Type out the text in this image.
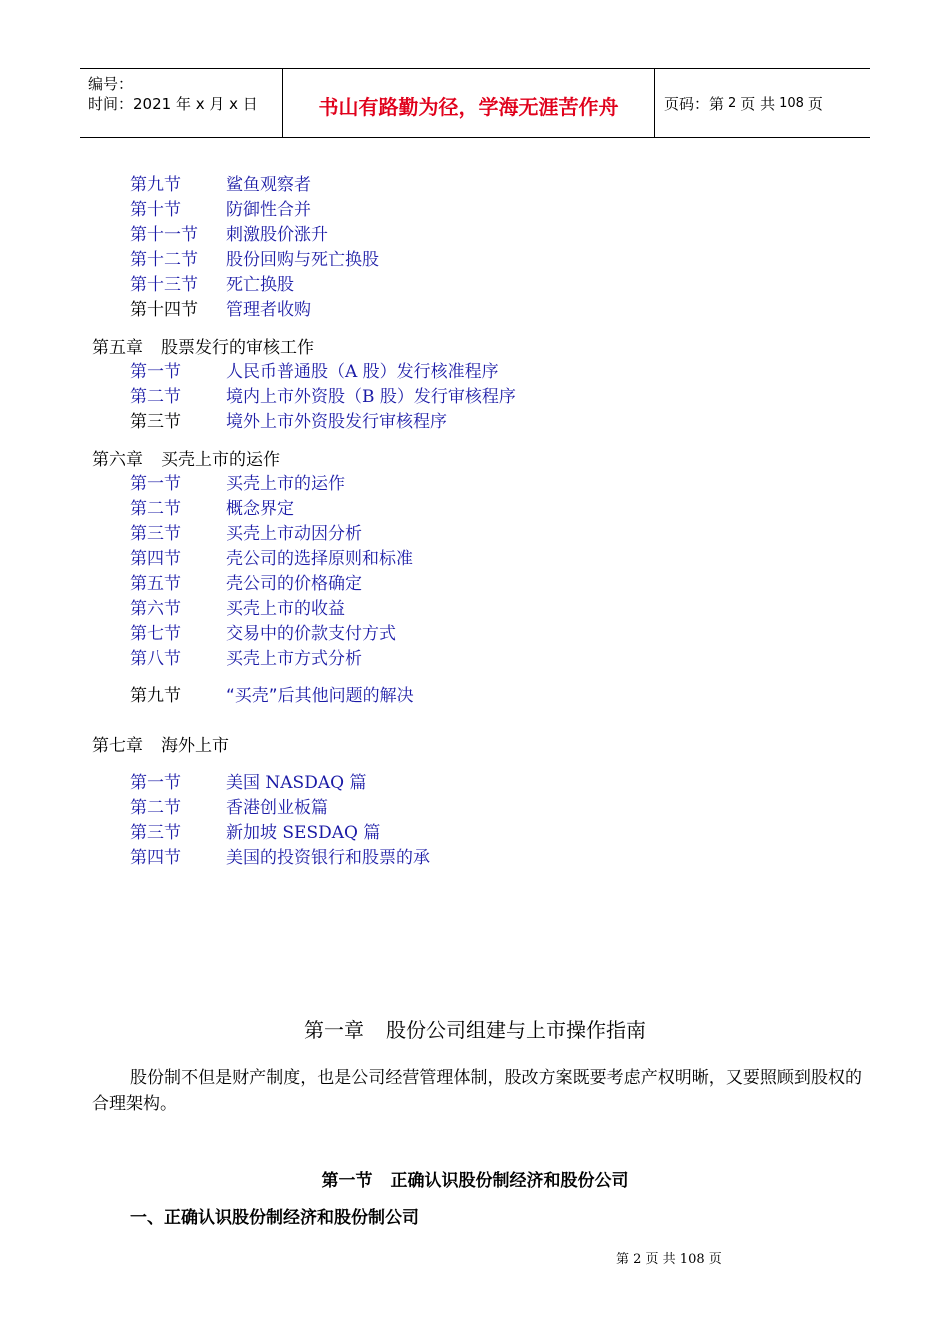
编号：
时间：2021 年 x 月 x 日	书山有路勤为径，学海无涯苦作舟	页码：第 2 页 共 108 页
第九节	鲨鱼观察者
第十节	防御性合并
第十一节 刺激股价涨升
第十二节 股份回购与死亡换股
第十三节 死亡换股
第十四节 管理者收购
第五章 股票发行的审核工作
第一节	人民币普通股（A 股）发行核准程序
第二节	境内上市外资股（B 股）发行审核程序
第三节	境外上市外资股发行审核程序
第六章 买壳上市的运作
第一节	买壳上市的运作
第二节	概念界定
第三节	买壳上市动因分析
第四节	壳公司的选择原则和标准
第五节	壳公司的价格确定
第六节	买壳上市的收益
第七节	交易中的价款支付方式
第八节	买壳上市方式分析
第九节	“买壳”后其他问题的解决
第七章 海外上市
第一节	美国 NASDAQ 篇
第二节	香港创业板篇
第三节	新加坡 SESDAQ 篇
第四节	美国的投资银行和股票的承
第一章 股份公司组建与上市操作指南
股份制不但是财产制度，也是公司经营管理体制，股改方案既要考虑产权明晰，又要照顾到股权的合理架构。
第一节 正确认识股份制经济和股份公司
一、正确认识股份制经济和股份制公司
第 2 页 共 108 页
